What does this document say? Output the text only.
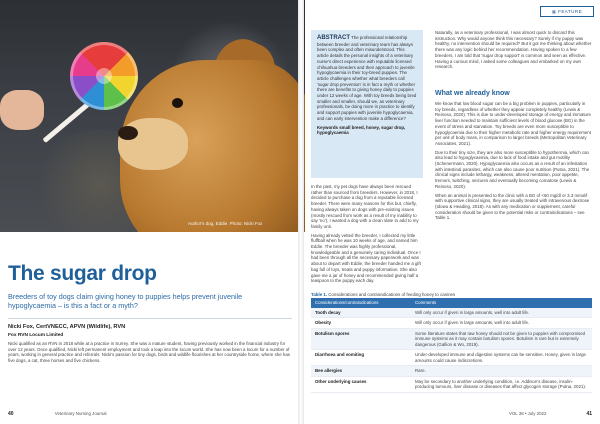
Author's dog, Eddie. Photo: Nicki Fox
The sugar drop
Breeders of toy dogs claim giving honey to puppies helps prevent juvenile hypoglycaemia – is this a fact or a myth?
Nicki Fox, CertVNECC, APVN (Wildlife), RVN
Fox RVN Locum Limited
Nicki qualified as an RVN in 2018 while at a practice in Surrey. She was a mature student, having previously worked in the financial industry for over 12 years. Once qualified, Nicki left permanent employment and took a leap into the locum world. She has now been a locum for a number of years, working in general practice and referrals. Nicki's passion for tiny dogs, birds and wildlife flourishes at her countryside home, where she has five dogs, a cat, three horses and five chickens.
40	Veterinary Nursing Journal
▦ FEATURE
ABSTRACT The professional relationship between breeder and veterinary team has always been complex and often misunderstood. This article details the personal insights of a veterinary nurse's direct experience with reputable licensed chihuahua breeders and their approach to juvenile hypoglycaemia in their toy-breed puppies. The article challenges whether what breeders call 'sugar drop prevention' is in fact a myth or whether there are benefits to giving honey daily to puppies under 12 weeks of age. With toy breeds being bred smaller and smaller, should we, as veterinary professionals, be doing more in practice to identify and support puppies with juvenile hypoglycaemia, and can early intervention make a difference?
Keywords small breed, honey, sugar drop, hypoglycaemia

In the past, my pet dogs have always been rescued rather than sourced from breeders. However, in 2018, I decided to purchase a dog from a reputable licensed breeder. There were many reasons for this but, chiefly, having always taken on dogs with pre-existing issues (mostly rescued from work as a result of my inability to say 'no'), I wanted a dog with a clean slate to add to my family unit.

Having already vetted the breeder, I collected my little fluffball when he was 10 weeks of age, and named him Eddie. The breeder was highly professional, knowledgeable and a genuinely caring individual. Once I had been through all the necessary paperwork and was about to depart with Eddie, the breeder handed me a gift bag full of toys, treats and puppy information. She also gave me a jar of honey and recommended giving half a teaspoon to the puppy each day.

Naturally, as a veterinary professional, I was almost quick to discard this instruction. Why would anyone think this necessary? Surely if my puppy was healthy, no intervention should be required? But it got me thinking about whether there was any logic behind her recommendation. Having spoken to a few breeders, I am told that 'sugar drop support' is common and seen as effective. Having a curious mind, I asked some colleagues and embarked on my own research.

What we already know

We know that low blood sugar can be a big problem in puppies, particularly in toy breeds, regardless of whether they appear completely healthy (Lewis & Reinoso, 2020). This is due to under-developed storage of energy and immature liver function needed to maintain sufficient levels of blood glucose (BG) in the event of stress and starvation. Toy breeds are even more susceptible to hypoglycaemia due to their higher metabolic rate and higher energy requirement per unit of body mass, in comparison to larger breeds (Metropolitan Veterinary Associates, 2021).

Due to their tiny size, they are also more susceptible to hypothermia, which can also lead to hypoglycaemia, due to lack of food intake and gut motility (Schenermann, 2020). Hypoglycaemia also occurs as a result of an infestation with intestinal parasites, which can also cause poor nutrition (Putna, 2021). The clinical signs include lethargy, weakness, altered mentation, poor appetite, tremors, twitching, seizures and eventually becoming comatose (Lewis & Reinoso, 2020).

When an animal is presented to the clinic with a BG of <60 mg/dl or 3.3 mmol/l with supportive clinical signs, they are usually treated with intravenous dextrose (Idowu & Heading, 2018). As with any medication or supplement, careful consideration should be given to the potential risks or contraindications – see Table 1.

Table 1. Considerations and contraindications of feeding honey to canines
Considerations/contraindications	Comments
Tooth decay	Will only occur if given in large amounts, well into adult life.
Obesity	Will only occur if given in large amounts, well into adult life.
Botulism spores	Some literature states that raw honey should not be given to puppies with compromised immune systems as it may contain botulism spores. Botulism is rare but is extremely dangerous (Gallion & Wo, 2019).
Diarrhoea and vomiting	Under-developed immune and digestive systems can be sensitive. Honey, given in large amounts could cause indiscretions.
Bee allergies	Rare.
Other underlying causes	May be secondary to another underlying condition, i.e. Addison's disease, insulin-producing tumours, liver disease or diseases that affect glycogen storage (Putna, 2021).
VOL 38 • July 2022	41
